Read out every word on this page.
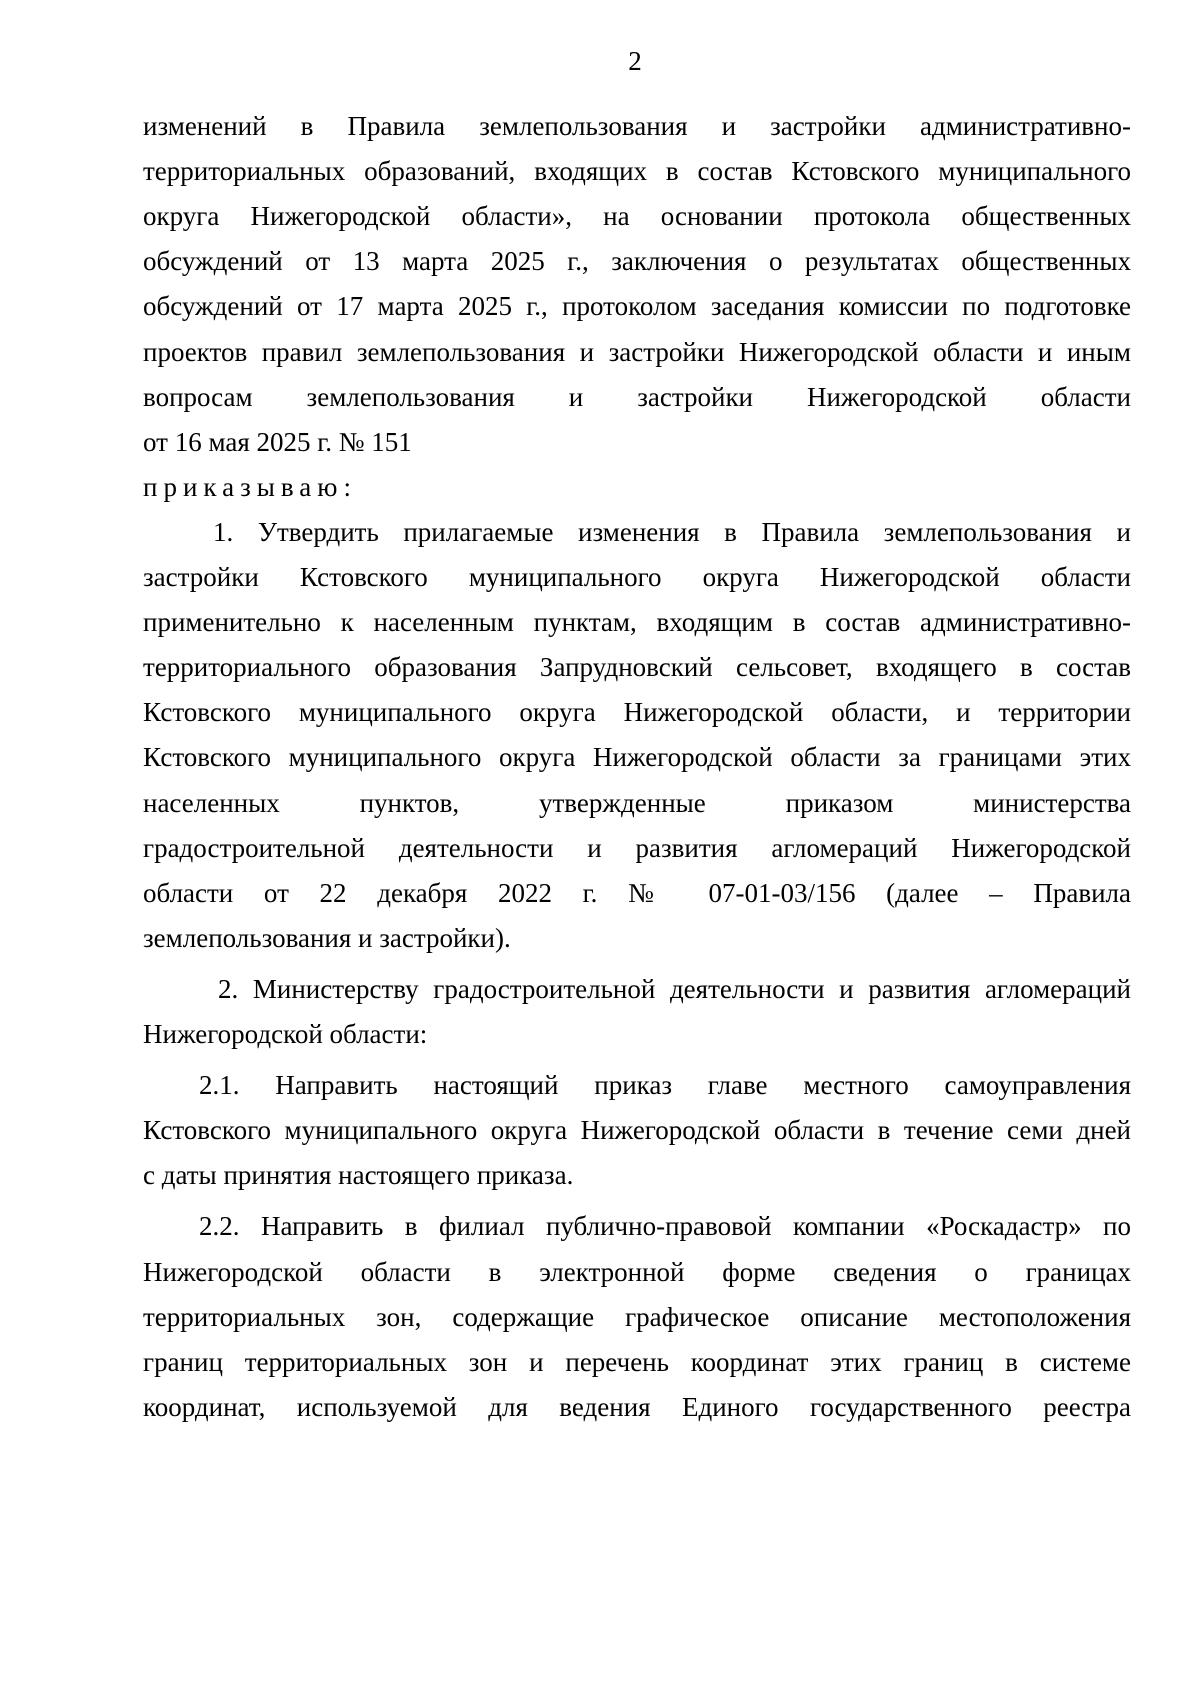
2
изменений в Правила землепользования и застройки административно-
территориальных образований, входящих в состав Кстовского муниципального
округа Нижегородской области», на основании протокола общественных
обсуждений от 13 марта 2025 г., заключения о результатах общественных
обсуждений от 17 марта 2025 г., протоколом заседания комиссии по подготовке
проектов правил землепользования и застройки Нижегородской области и иным
вопросам землепользования и застройки Нижегородской области
от 16 мая 2025 г. № 151
приказываю:
1. Утвердить прилагаемые изменения в Правила землепользования и
застройки Кстовского муниципального округа Нижегородской области
применительно к населенным пунктам, входящим в состав административно-
территориального образования Запрудновский сельсовет, входящего в состав
Кстовского муниципального округа Нижегородской области, и территории
Кстовского муниципального округа Нижегородской области за границами этих
населенных пунктов, утвержденные приказом министерства
градостроительной деятельности и развития агломераций Нижегородской
области от 22 декабря 2022 г. № 07-01-03/156 (далее – Правила
землепользования и застройки).
2. Министерству градостроительной деятельности и развития агломераций
Нижегородской области:
2.1. Направить настоящий приказ главе местного самоуправления
Кстовского муниципального округа Нижегородской области в течение семи дней
с даты принятия настоящего приказа.
2.2. Направить в филиал публично-правовой компании «Роскадастр» по
Нижегородской области в электронной форме сведения о границах
территориальных зон, содержащие графическое описание местоположения
границ территориальных зон и перечень координат этих границ в системе
координат, используемой для ведения Единого государственного реестра
